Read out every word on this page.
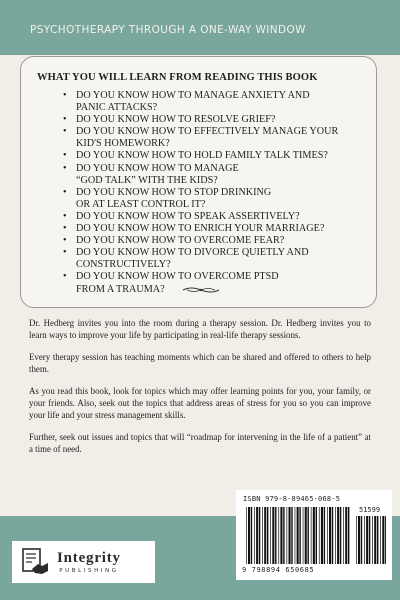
PSYCHOTHERAPY THROUGH A ONE-WAY WINDOW
WHAT YOU WILL LEARN FROM READING THIS BOOK
• DO YOU KNOW HOW TO MANAGE ANXIETY AND
PANIC ATTACKS?
• DO YOU KNOW HOW TO RESOLVE GRIEF?
• DO YOU KNOW HOW TO EFFECTIVELY MANAGE YOUR
KID'S HOMEWORK?
• DO YOU KNOW HOW TO HOLD FAMILY TALK TIMES?
• DO YOU KNOW HOW TO MANAGE
“GOD TALK” WITH THE KIDS?
• DO YOU KNOW HOW TO STOP DRINKING
OR AT LEAST CONTROL IT?
• DO YOU KNOW HOW TO SPEAK ASSERTIVELY?
• DO YOU KNOW HOW TO ENRICH YOUR MARRIAGE?
• DO YOU KNOW HOW TO OVERCOME FEAR?
• DO YOU KNOW HOW TO DIVORCE QUIETLY AND
CONSTRUCTIVELY?
• DO YOU KNOW HOW TO OVERCOME PTSD
FROM A TRAUMA?

Dr. Hedberg invites you into the room during a therapy session. Dr. Hedberg invites you to learn ways to improve your life by participating in real-life therapy sessions.

Every therapy session has teaching moments which can be shared and offered to others to help them.

As you read this book, look for topics which may offer learning points for you, your family, or your friends. Also, seek out the topics that address areas of stress for you so you can improve your life and your stress management skills.

Further, seek out issues and topics that will “roadmap for intervening in the life of a patient” at a time of need.

Integrity
PUBLISHING
ISBN 979-8-89465-068-5
51599
9 798894 650685
